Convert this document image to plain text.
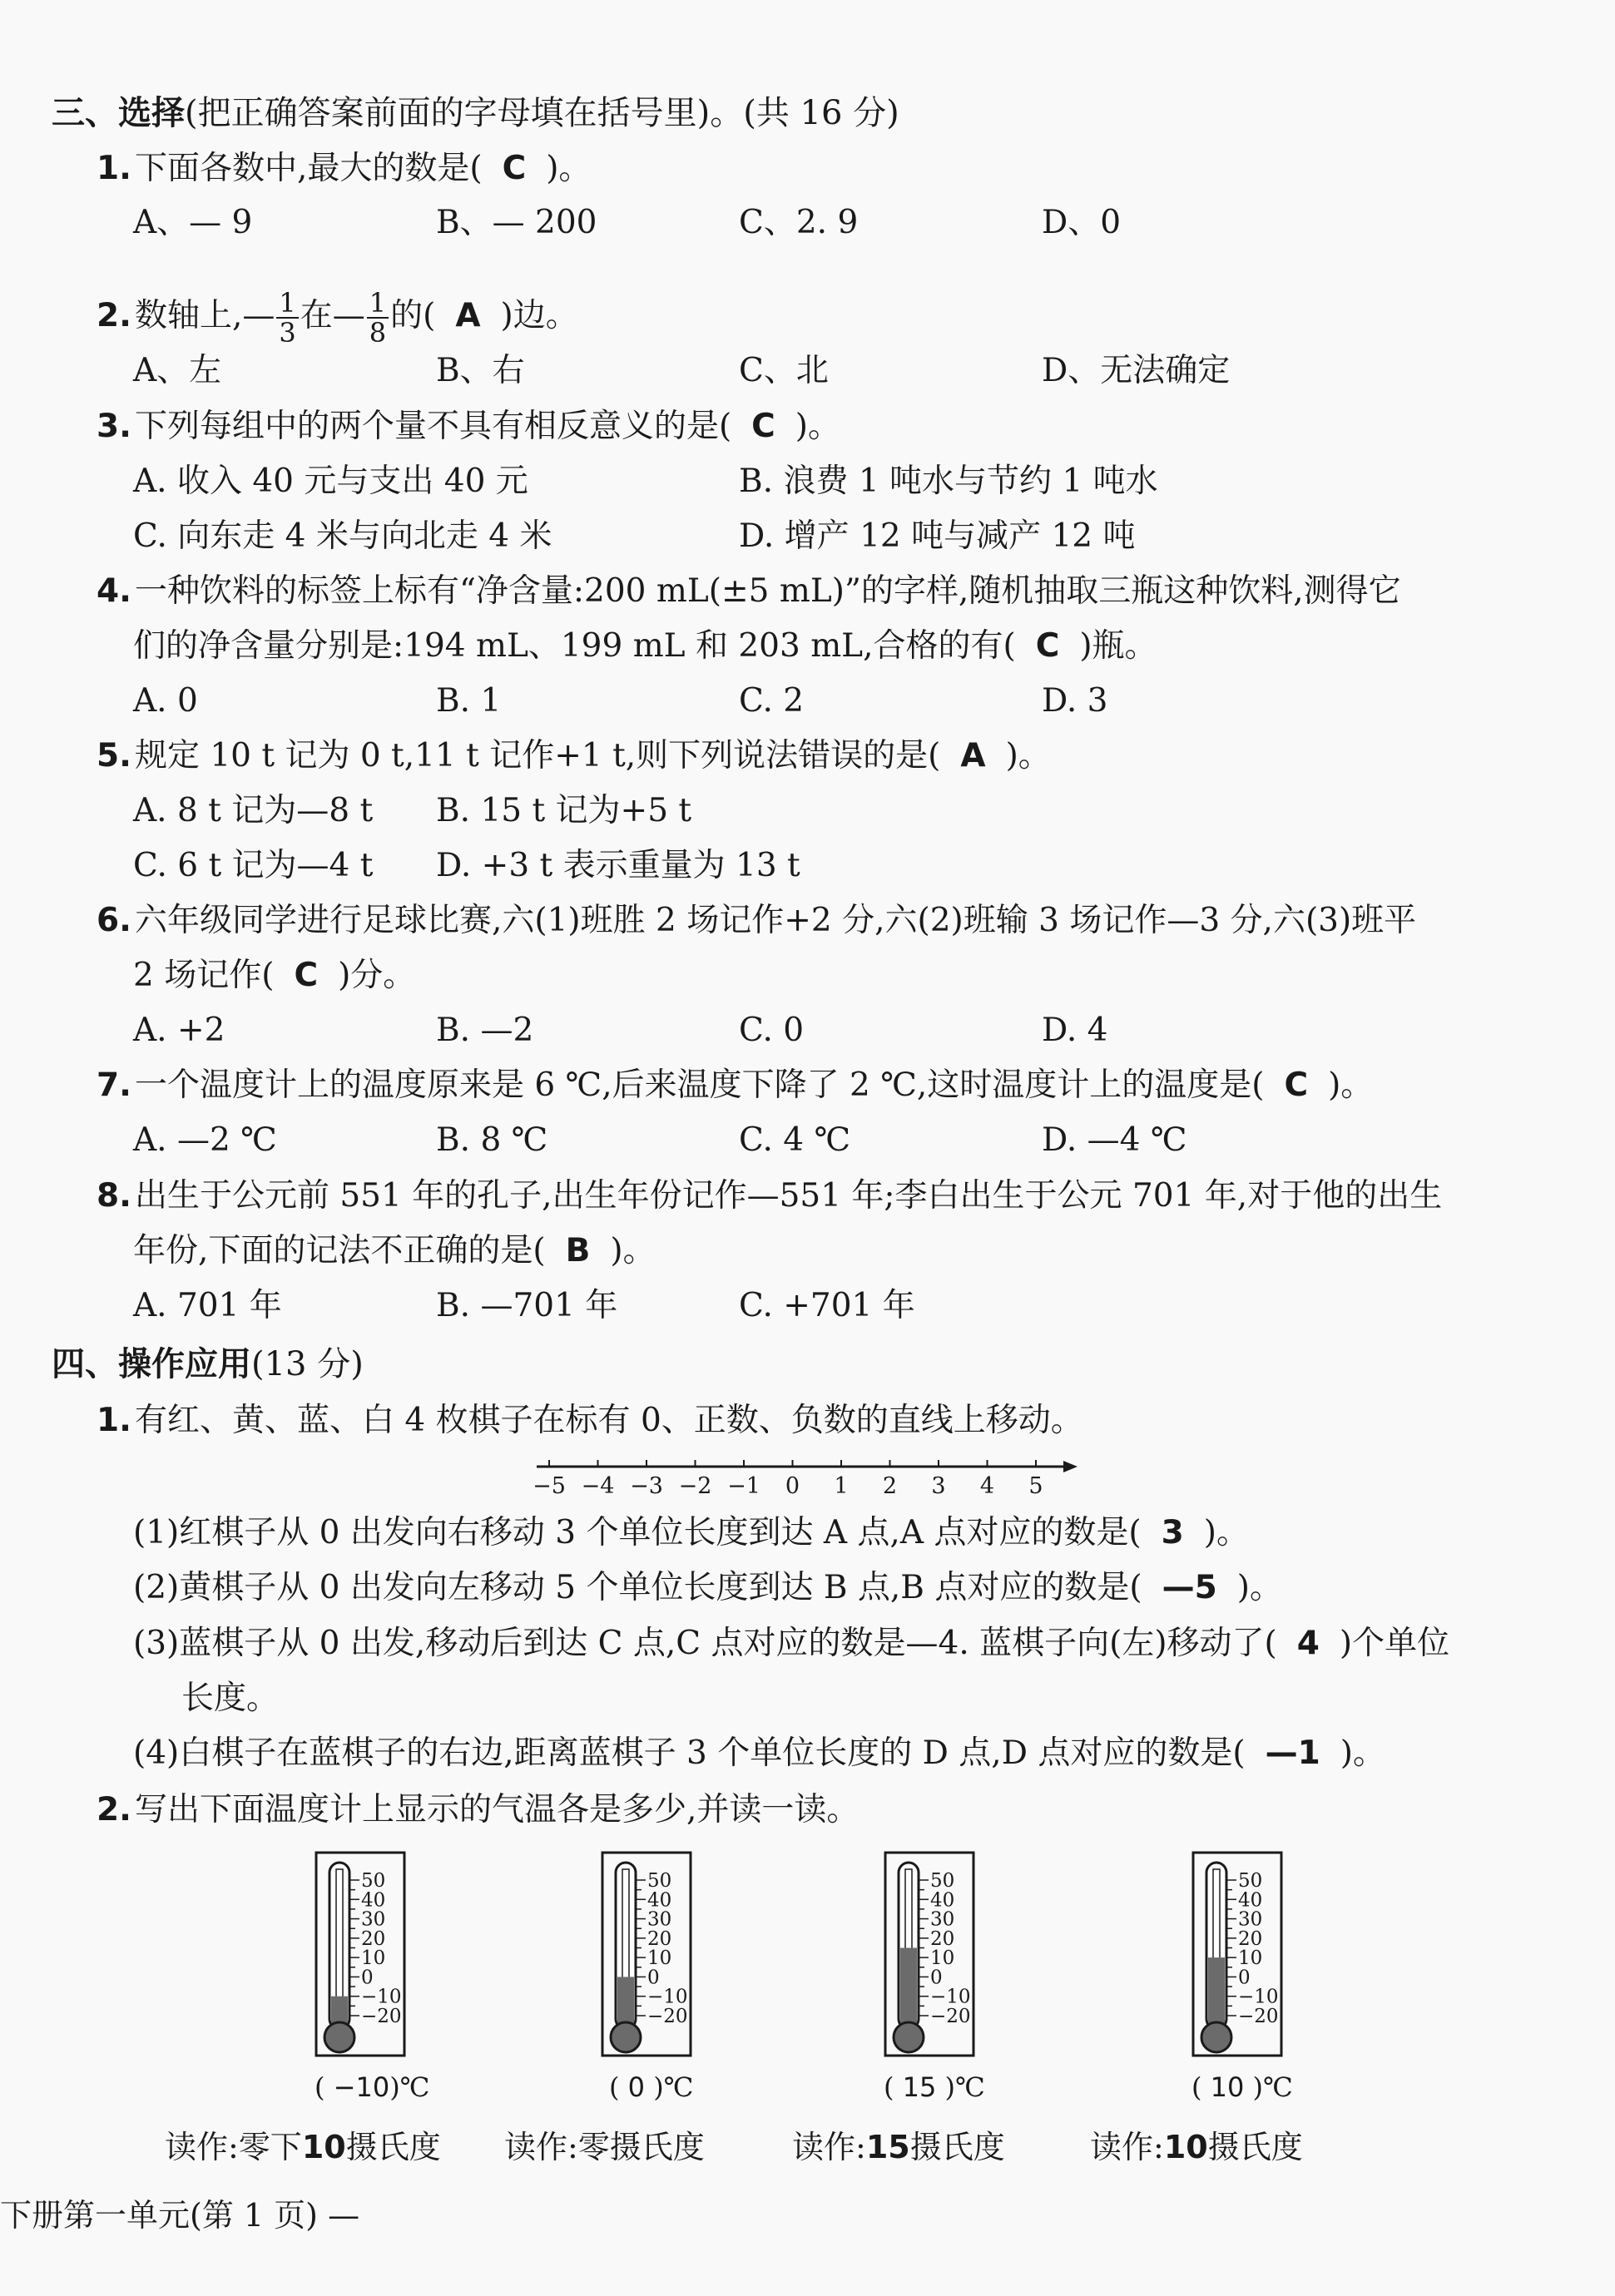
三、选择(把正确答案前面的字母填在括号里)。(共 16 分)
1. 下面各数中,最大的数是( C )。
A、— 9	B、— 200	C、2. 9	D、0
2. 数轴上,— $\frac{1}{3}$ 在— $\frac{1}{8}$ 的( A )边。
A、左	B、右	C、北	D、无法确定
3. 下列每组中的两个量不具有相反意义的是( C )。
A. 收入 40 元与支出 40 元	B. 浪费 1 吨水与节约 1 吨水
C. 向东走 4 米与向北走 4 米	D. 增产 12 吨与减产 12 吨
4. 一种饮料的标签上标有“净含量:200 mL(±5 mL)”的字样,随机抽取三瓶这种饮料,测得它
们的净含量分别是:194 mL、199 mL 和 203 mL,合格的有( C )瓶。
A. 0	B. 1	C. 2	D. 3
5. 规定 10 t 记为 0 t,11 t 记作+1 t,则下列说法错误的是( A )。
A. 8 t 记为—8 t B. 15 t 记为+5 t
C. 6 t 记为—4 t D. +3 t 表示重量为 13 t
6. 六年级同学进行足球比赛,六(1)班胜 2 场记作+2 分,六(2)班输 3 场记作—3 分,六(3)班平
2 场记作( C )分。
A. +2	B. —2	C. 0	D. 4
7. 一个温度计上的温度原来是 6 ℃,后来温度下降了 2 ℃,这时温度计上的温度是( C )。
A. —2 ℃	B. 8 ℃	C. 4 ℃	D. —4 ℃
8. 出生于公元前 551 年的孔子,出生年份记作—551 年;李白出生于公元 701 年,对于他的出生
年份,下面的记法不正确的是( B )。
A. 701 年	B. —701 年	C. +701 年
四、操作应用(13 分)
1. 有红、黄、蓝、白 4 枚棋子在标有 0、正数、负数的直线上移动。
−5 −4 −3 −2 −1 0 1 2 3 4 5
(1)红棋子从 0 出发向右移动 3 个单位长度到达 A 点,A 点对应的数是( 3 )。
(2)黄棋子从 0 出发向左移动 5 个单位长度到达 B 点,B 点对应的数是( —5 )。
(3)蓝棋子从 0 出发,移动后到达 C 点,C 点对应的数是—4. 蓝棋子向(左)移动了( 4 )个单位
长度。
(4)白棋子在蓝棋子的右边,距离蓝棋子 3 个单位长度的 D 点,D 点对应的数是( —1 )。
2. 写出下面温度计上显示的气温各是多少,并读一读。
50
40
30
20
10
0
−10
−20
50
40
30
20
10
0
−10
−20
50
40
30
20
10
0
−10
−20
50
40
30
20
10
0
−10
−20
( −10)℃	( 0 )℃	( 15 )℃	( 10 )℃
读作:零下10摄氏度 读作:零摄氏度	读作:15摄氏度	读作:10摄氏度
下册第一单元(第 1 页) —
